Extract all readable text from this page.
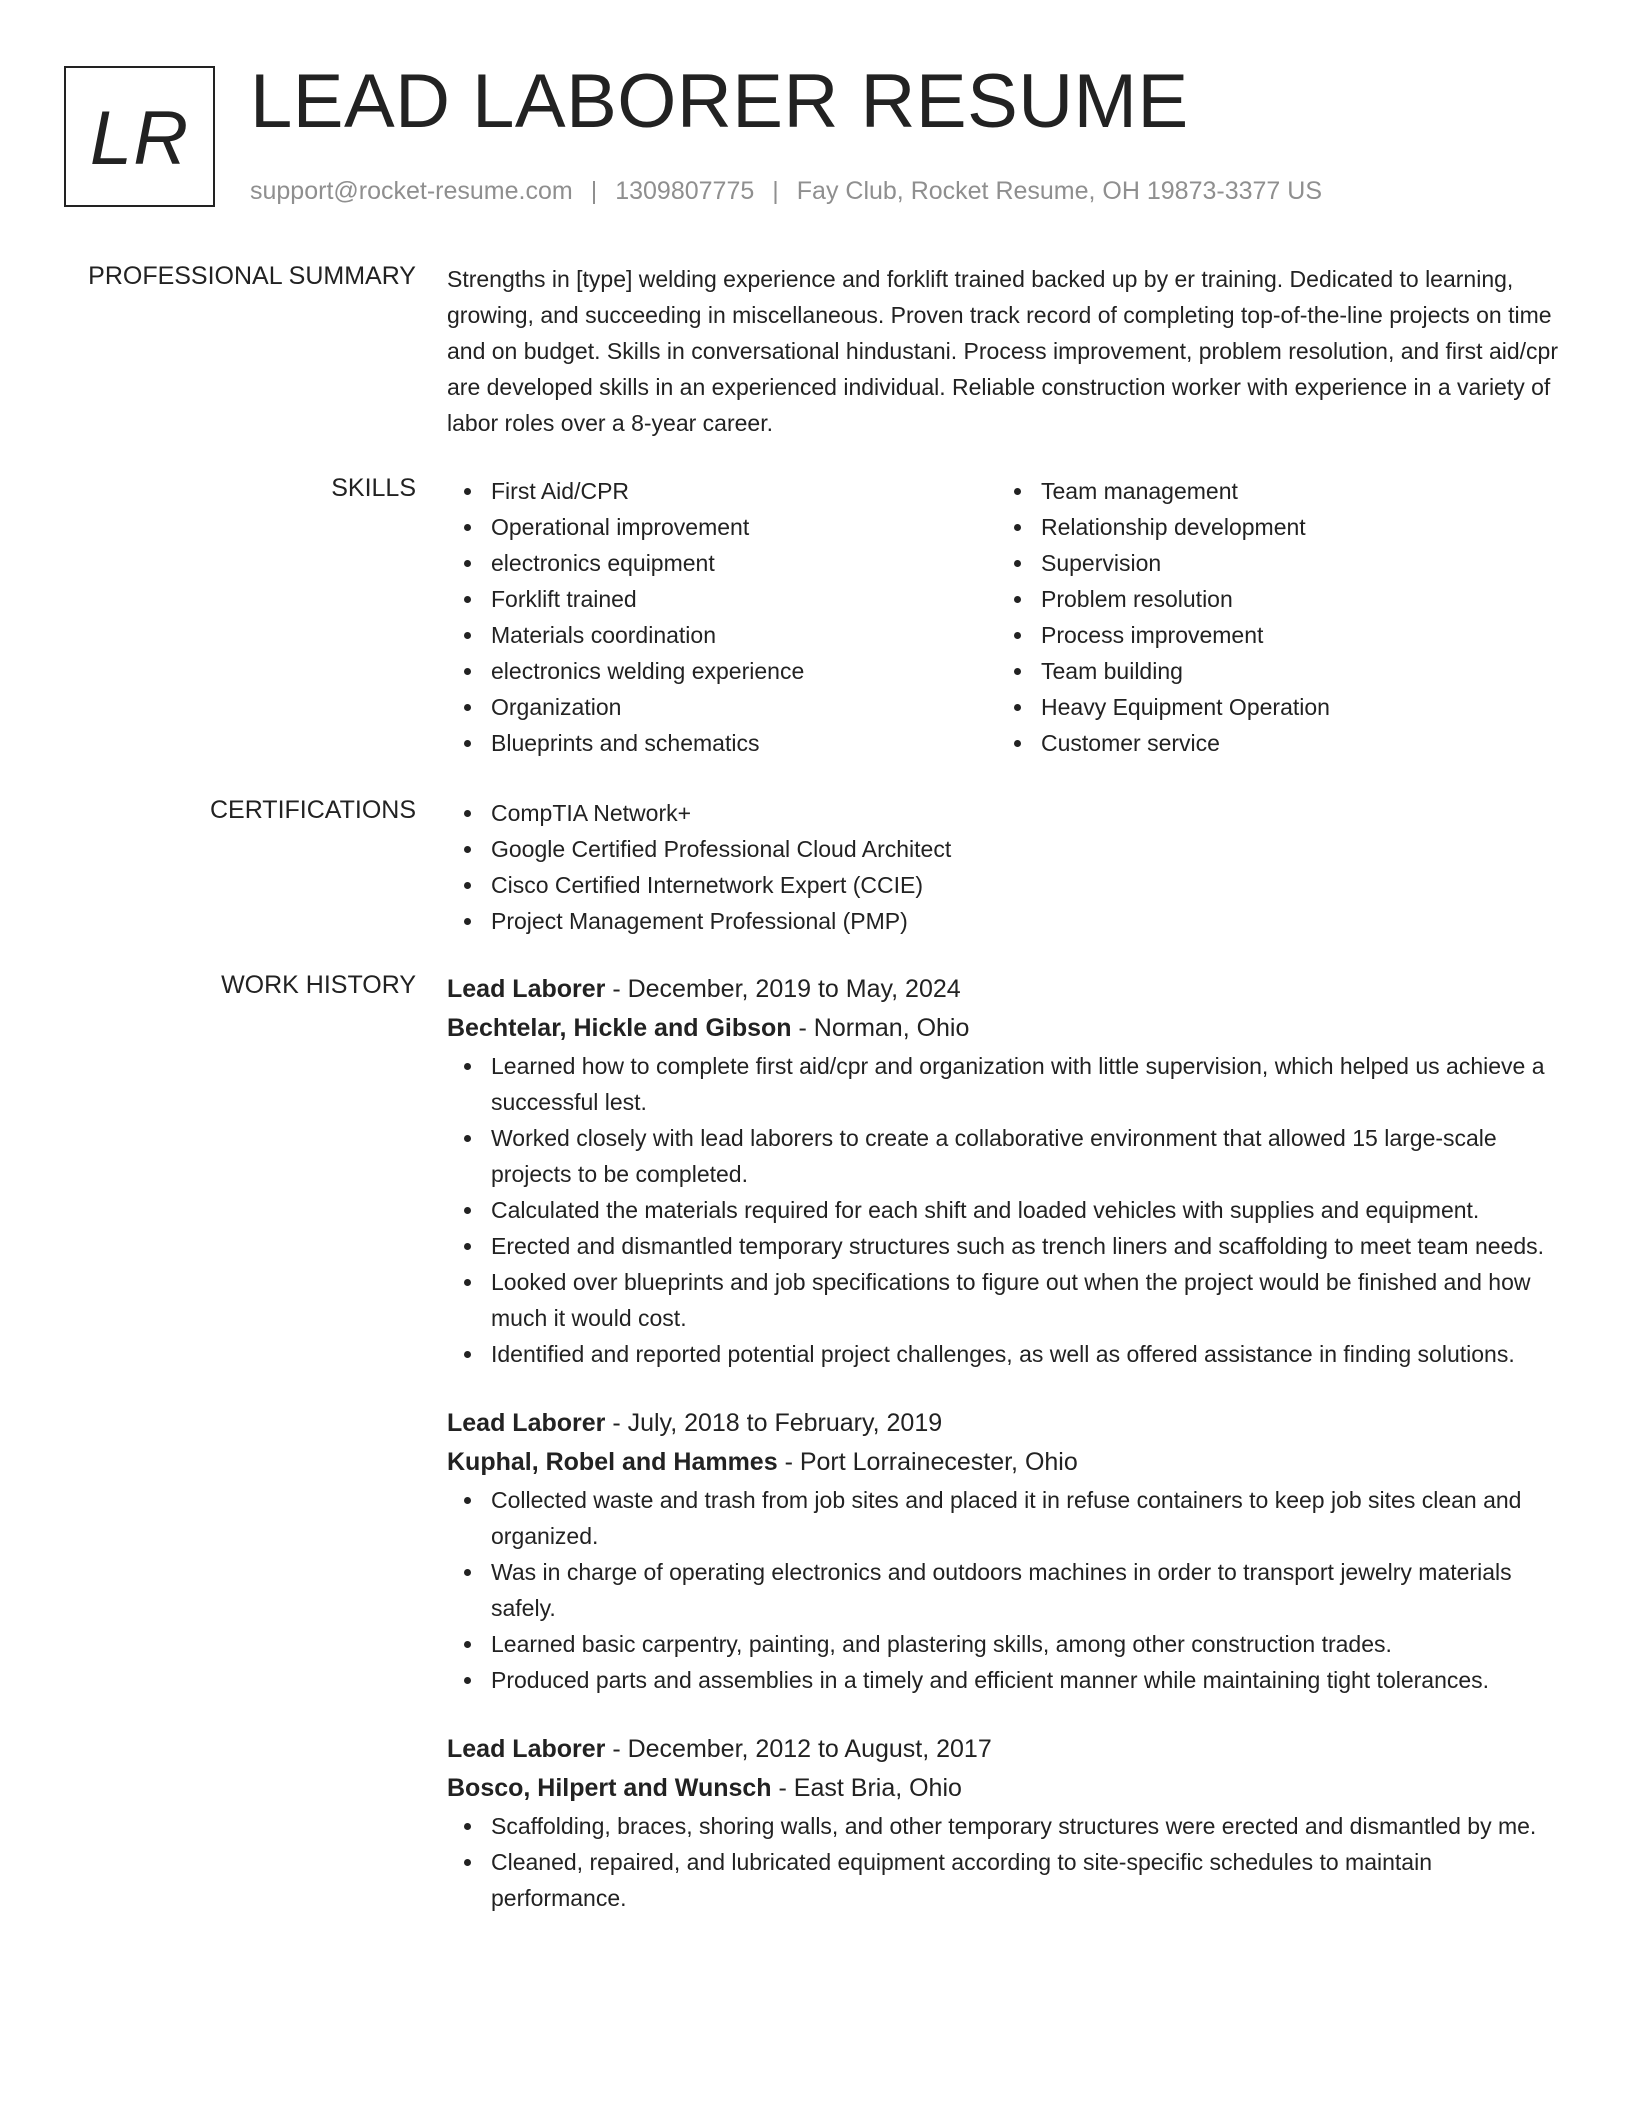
LR LEAD LABORER RESUME
support@rocket-resume.com | 1309807775 | Fay Club, Rocket Resume, OH 19873-3377 US
PROFESSIONAL SUMMARY Strengths in [type] welding experience and forklift trained backed up by er training. Dedicated to learning, growing, and succeeding in miscellaneous. Proven track record of completing top-of-the-line projects on time and on budget. Skills in conversational hindustani. Process improvement, problem resolution, and first aid/cpr are developed skills in an experienced individual. Reliable construction worker with experience in a variety of labor roles over a 8-year career.

SKILLS	First Aid/CPR
Operational improvement
electronics equipment
Forklift trained
Materials coordination
electronics welding experience
Organization
Blueprints and schematics
Team management
Relationship development
Supervision
Problem resolution
Process improvement
Team building
Heavy Equipment Operation
Customer service
CERTIFICATIONS	CompTIA Network+
Google Certified Professional Cloud Architect
Cisco Certified Internetwork Expert (CCIE)
Project Management Professional (PMP)
WORK HISTORY Lead Laborer - December, 2019 to May, 2024
Bechtelar, Hickle and Gibson - Norman, Ohio
Learned how to complete first aid/cpr and organization with little supervision, which helped us achieve a successful lest.
Worked closely with lead laborers to create a collaborative environment that allowed 15 large-scale projects to be completed.
Calculated the materials required for each shift and loaded vehicles with supplies and equipment.
Erected and dismantled temporary structures such as trench liners and scaffolding to meet team needs.
Looked over blueprints and job specifications to figure out when the project would be finished and how much it would cost.
Identified and reported potential project challenges, as well as offered assistance in finding solutions.
Lead Laborer - July, 2018 to February, 2019
Kuphal, Robel and Hammes - Port Lorrainecester, Ohio
Collected waste and trash from job sites and placed it in refuse containers to keep job sites clean and organized.
Was in charge of operating electronics and outdoors machines in order to transport jewelry materials safely.
Learned basic carpentry, painting, and plastering skills, among other construction trades.
Produced parts and assemblies in a timely and efficient manner while maintaining tight tolerances.
Lead Laborer - December, 2012 to August, 2017
Bosco, Hilpert and Wunsch - East Bria, Ohio
Scaffolding, braces, shoring walls, and other temporary structures were erected and dismantled by me.
Cleaned, repaired, and lubricated equipment according to site-specific schedules to maintain performance.
